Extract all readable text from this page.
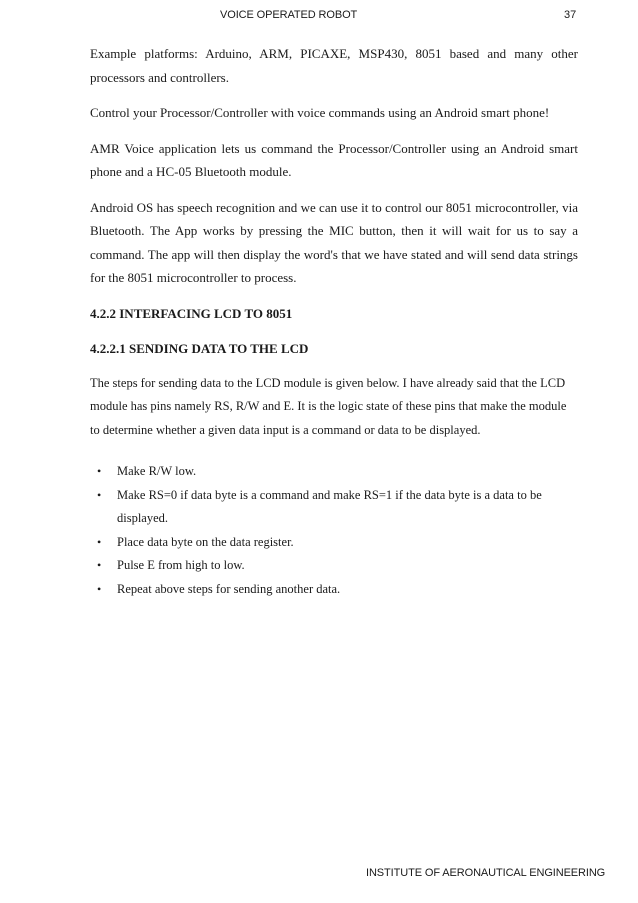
VOICE OPERATED ROBOT	37

Example platforms: Arduino, ARM, PICAXE, MSP430, 8051 based and many other processors and controllers.

Control your Processor/Controller with voice commands using an Android smart phone!

AMR Voice application lets us command the Processor/Controller using an Android smart phone and a HC-05 Bluetooth module.

Android OS has speech recognition and we can use it to control our 8051 microcontroller, via Bluetooth. The App works by pressing the MIC button, then it will wait for us to say a command. The app will then display the word's that we have stated and will send data strings for the 8051 microcontroller to process.

4.2.2 INTERFACING LCD TO 8051
4.2.2.1 SENDING DATA TO THE LCD

The steps for sending data to the LCD module is given below. I have already said that the LCD module has pins namely RS, R/W and E. It is the logic state of these pins that make the module to determine whether a given data input is a command or data to be displayed.

• Make R/W low.
• Make RS=0 if data byte is a command and make RS=1 if the data byte is a data to be displayed.
• Place data byte on the data register.
• Pulse E from high to low.
• Repeat above steps for sending another data.
INSTITUTE OF AERONAUTICAL ENGINEERING
